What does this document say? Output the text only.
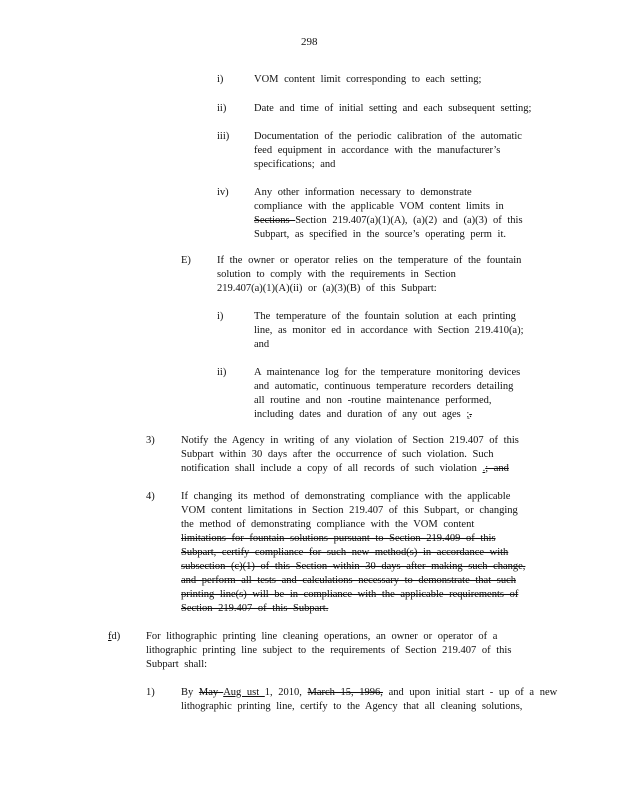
298
i)	VOM content limit corresponding to each setting;
ii)	Date and time of initial setting and each subsequent setting;
iii) Documentation of the periodic calibration of the automatic
feed equipment in accordance with the manufacturer’s
specifications; and
iv) Any other information necessary to demonstrate
compliance with the applicable VOM content limits in
Sections Section 219.407(a)(1)(A), (a)(2) and (a)(3) of this
Subpart, as specified in the source’s operating perm it.
E) If the owner or operator relies on the temperature of the fountain
solution to comply with the requirements in Section
219.407(a)(1)(A)(ii) or (a)(3)(B) of this Subpart:
i)	The temperature of the fountain solution at each printing
line, as monitor ed in accordance with Section 219.410(a);
and
ii)	A maintenance log for the temperature monitoring devices
and automatic, continuous temperature recorders detailing
all routine and non -routine maintenance performed,
including dates and duration of any out ages ;.
3)	Notify the Agency in writing of any violation of Section 219.407 of this
Subpart within 30 days after the occurrence of such violation. Such
notification shall include a copy of all records of such violation .; and
4)	If changing its method of demonstrating compliance with the applicable
VOM content limitations in Section 219.407 of this Subpart, or changing
the method of demonstrating compliance with the VOM content
limitations for fountain solutions pursuant to Section 219.409 of this
Subpart, certify compliance for such new method(s) in accordance with
subsection (c)(1) of this Section within 30 days after making such change,
and perform all tests and calculations necessary to demonstrate that such
printing line(s) will be in compliance with the applicable requirements of
Section 219.407 of this Subpart.
fd) For lithographic printing line cleaning operations, an owner or operator of a
lithographic printing line subject to the requirements of Section 219.407 of this
Subpart shall:
1)	By May Aug ust 1, 2010, March 15, 1996, and upon initial start - up of a new
lithographic printing line, certify to the Agency that all cleaning solutions,
